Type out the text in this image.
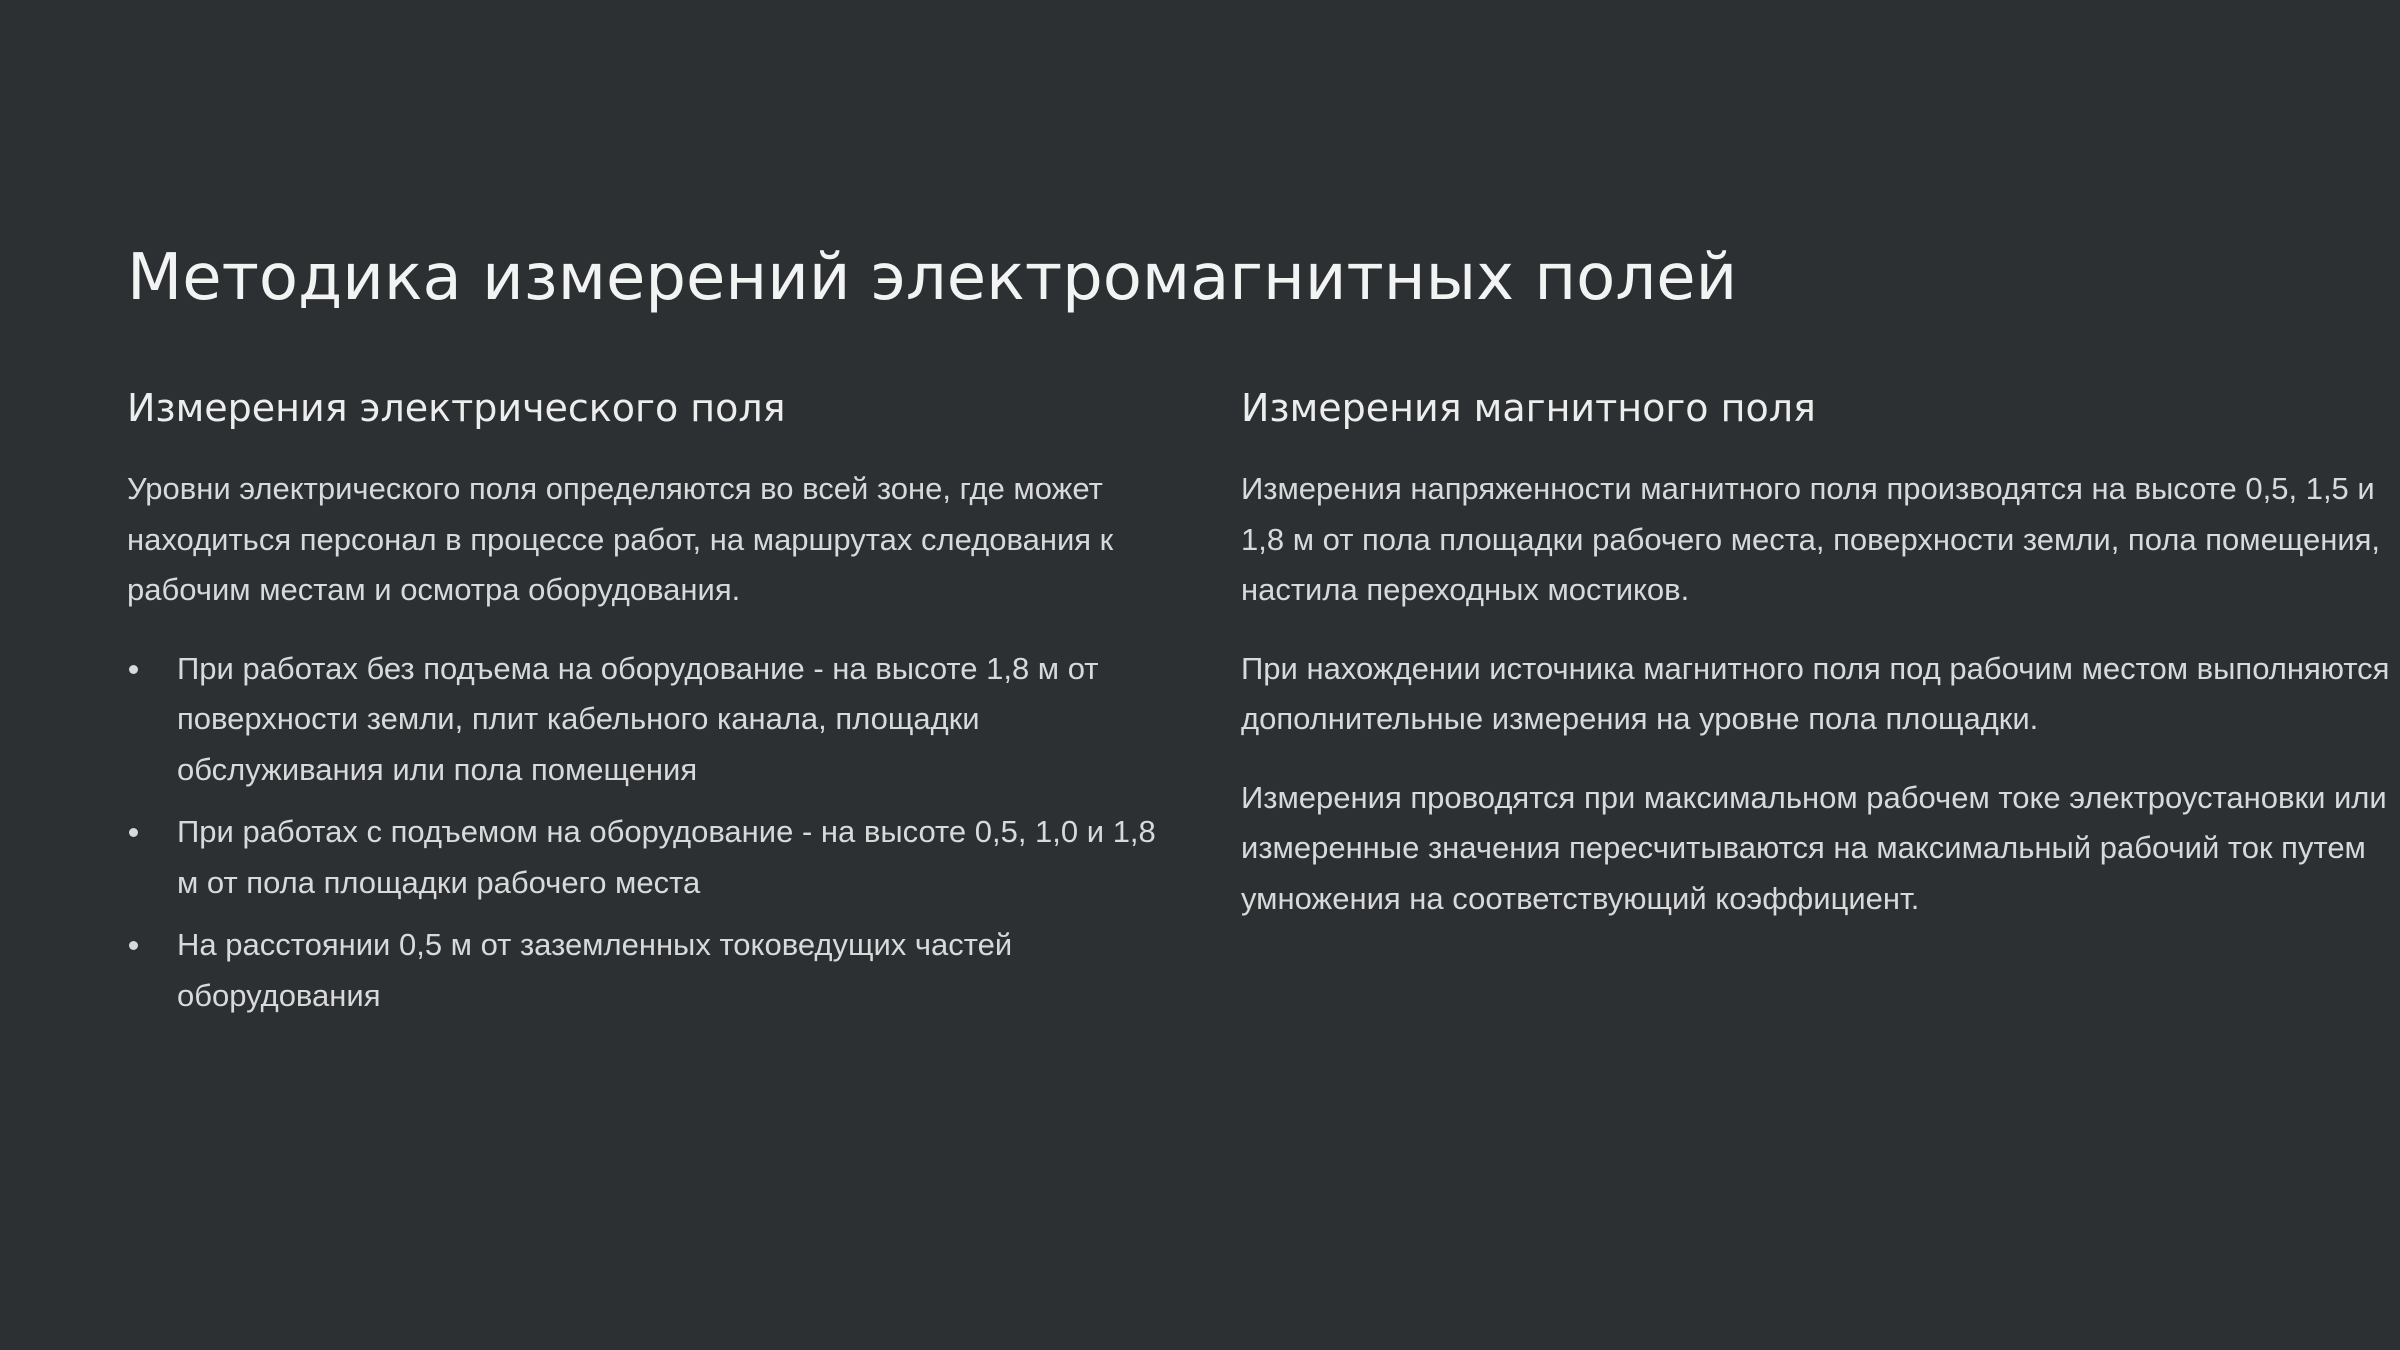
Методика измерений электромагнитных полей
Измерения электрического поля

Уровни электрического поля определяются во всей зоне, где может находиться персонал в процессе работ, на маршрутах следования к рабочим местам и осмотра оборудования.

При работах без подъема на оборудование - на высоте 1,8 м от поверхности земли, плит кабельного канала, площадки обслуживания или пола помещения
При работах с подъемом на оборудование - на высоте 0,5, 1,0 и 1,8 м от пола площадки рабочего места
На расстоянии 0,5 м от заземленных токоведущих частей оборудования
Измерения магнитного поля

Измерения напряженности магнитного поля производятся на высоте 0,5, 1,5 и 1,8 м от пола площадки рабочего места, поверхности земли, пола помещения, настила переходных мостиков.

При нахождении источника магнитного поля под рабочим местом выполняются дополнительные измерения на уровне пола площадки.

Измерения проводятся при максимальном рабочем токе электроустановки или измеренные значения пересчитываются на максимальный рабочий ток путем умножения на соответствующий коэффициент.
